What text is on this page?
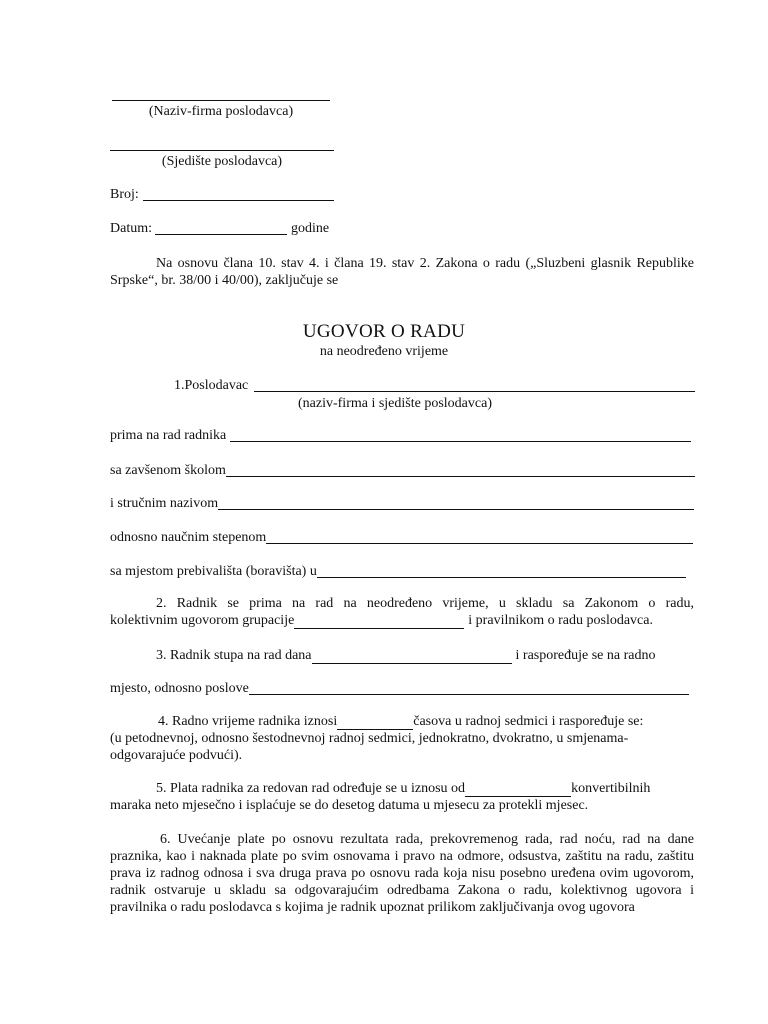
(Naziv-firma poslodavca)
(Sjedište poslodavca)
Broj:
Datum:	godine
Na osnovu člana 10. stav 4. i člana 19. stav 2. Zakona o radu („Sluzbeni glasnik Republike Srpske“, br. 38/00 i 40/00), zaključuje se
UGOVOR O RADU
na neodređeno vrijeme
1.Poslodavac
(naziv-firma i sjedište poslodavca)
prima na rad radnika
sa zavšenom školom
i stručnim nazivom
odnosno naučnim stepenom
sa mjestom prebivališta (boravišta) u
2. Radnik se prima na rad na neodređeno vrijeme, u skladu sa Zakonom o radu,
kolektivnim ugovorom grupacije	i pravilnikom o radu poslodavca.
3. Radnik stupa na rad dana	i raspoređuje se na radno
mjesto, odnosno poslove
4. Radno vrijeme radnika iznosi	časova u radnoj sedmici i raspoređuje se:
(u petodnevnoj, odnosno šestodnevnoj radnoj sedmici, jednokratno, dvokratno, u smjenama-
odgovarajuće podvući).
5. Plata radnika za redovan rad određuje se u iznosu od	konvertibilnih
maraka neto mjesečno i isplaćuje se do desetog datuma u mjesecu za protekli mjesec.
6. Uvećanje plate po osnovu rezultata rada, prekovremenog rada, rad noću, rad na dane praznika, kao i naknada plate po svim osnovama i pravo na odmore, odsustva, zaštitu na radu, zaštitu prava iz radnog odnosa i sva druga prava po osnovu rada koja nisu posebno uređena ovim ugovorom, radnik ostvaruje u skladu sa odgovarajućim odredbama Zakona o radu, kolektivnog ugovora i pravilnika o radu poslodavca s kojima je radnik upoznat prilikom zaključivanja ovog ugovora
